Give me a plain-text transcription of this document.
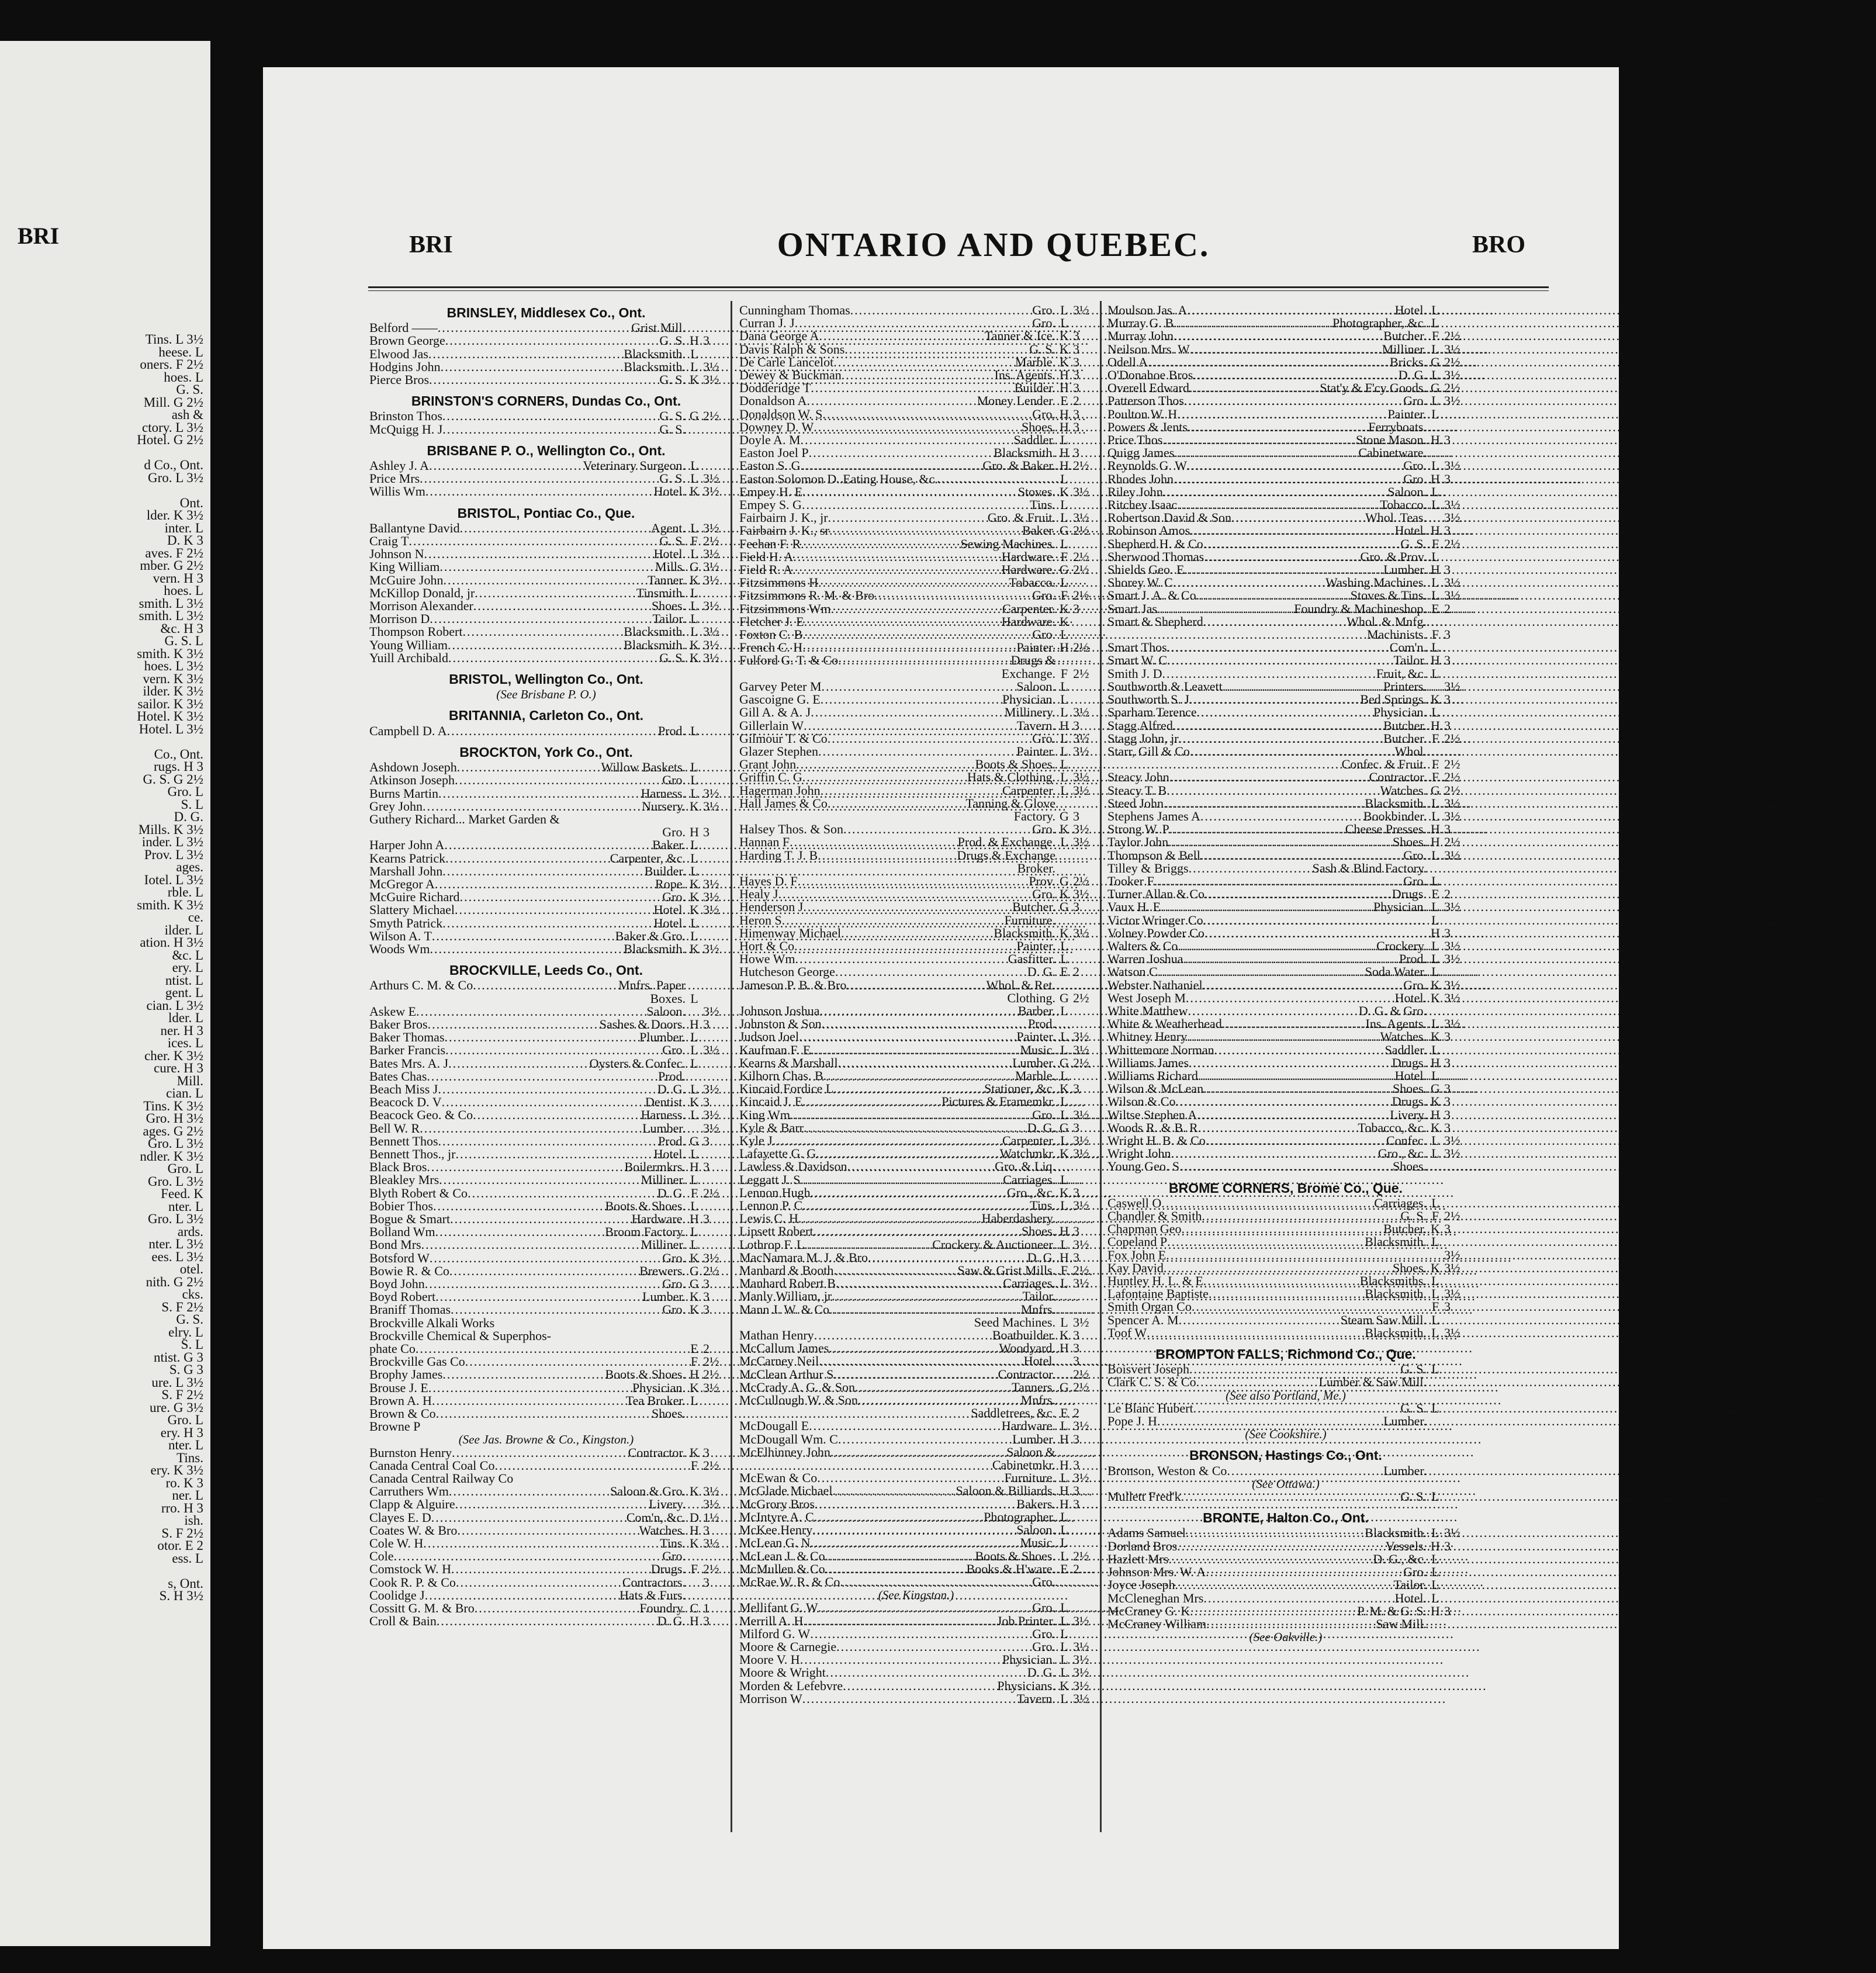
BRI
Tins. L 3½
heese. L
oners. F 2½
hoes. L
G. S.
Mill. G 2½
ash &
ctory. L 3½
Hotel. G 2½

d Co., Ont.
Gro. L 3½

Ont.
lder. K 3½
inter. L
D. K 3
aves. F 2½
mber. G 2½
vern. H 3
hoes. L
smith. L 3½
smith. L 3½
&c. H 3
G. S. L
smith. K 3½
hoes. L 3½
vern. K 3½
ilder. K 3½
sailor. K 3½
Hotel. K 3½
Hotel. L 3½

Co., Ont.
rugs. H 3
G. S. G 2½
Gro. L
S. L
D. G.
Mills. K 3½
inder. L 3½
Prov. L 3½
ages.
Iotel. L 3½
rble. L
smith. K 3½
ce.
ilder. L
ation. H 3½
&c. L
ery. L
ntist. L
gent. L
cian. L 3½
lder. L
ner. H 3
ices. L
cher. K 3½
cure. H 3
Mill.
cian. L
Tins. K 3½
Gro. H 3½
ages. G 2½
Gro. L 3½
ndler. K 3½
Gro. L
Gro. L 3½
Feed. K
nter. L
Gro. L 3½
ards.
nter. L 3½
ees. L 3½
otel.
nith. G 2½
cks.
S. F 2½
G. S.
elry. L
S. L
ntist. G 3
S. G 3
ure. L 3½
S. F 2½
ure. G 3½
Gro. L
ery. H 3
nter. L
Tins.
ery. K 3½
ro. K 3
ner. L
rro. H 3
ish.
S. F 2½
otor. E 2
ess. L

s, Ont.
S. H 3½
BRI	ONTARIO AND QUEBEC.	BRO
BRINSLEY, Middlesex Co., Ont.
Belford —— .....	Grist Mill.
Brown George .....	G. S. H 3
Elwood Jas .....	Blacksmith. L
Hodgins John .....	Blacksmith. L 3½
Pierce Bros .....	G. S. K 3½
BRINSTON'S CORNERS, Dundas Co., Ont.
Brinston Thos .....	G. S. G 2½
McQuigg H. J .....	G. S.
BRISBANE P. O., Wellington Co., Ont.
Ashley J. A .....	Veterinary Surgeon. L
Price Mrs .....	G. S. L 3½
Willis Wm .....	Hotel. K 3½
BRISTOL, Pontiac Co., Que.
Ballantyne David .....	Agent. L 3½
Craig T .....	G. S. F 2½
Johnson N .....	Hotel. L 3½
King William .....	Mills. G 3½
McGuire John .....	Tanner. K 3½
McKillop Donald, jr .....	Tinsmith. L
Morrison Alexander .....	Shoes. L 3½
Morrison D .....	Tailor. L
Thompson Robert .....	Blacksmith. L 3½
Young William .....	Blacksmith. K 3½
Yuill Archibald .....	G. S. K 3½
BRISTOL, Wellington Co., Ont.
(See Brisbane P. O.)
BRITANNIA, Carleton Co., Ont.
Campbell D. A .....	Prod. L
BROCKTON, York Co., Ont.
Ashdown Joseph .....	Willow Baskets. L
Atkinson Joseph .....	Gro. L
Burns Martin .....	Harness. L 3½
Grey John .....	Nursery. K 3½
Guthery Richard... Market Garden &
Gro. H 3
Harper John A .....	Baker. L
Kearns Patrick .....	Carpenter, &c. L
Marshall John .....	Builder. L
McGregor A .....	Rope. K 3½
McGuire Richard .....	Gro. K 3½
Slattery Michael .....	Hotel. K 3½
Smyth Patrick .....	Hotel. L
Wilson A. T .....	Baker & Gro. L
Woods Wm .....	Blacksmith. K 3½
BROCKVILLE, Leeds Co., Ont.
Arthurs C. M. & Co .....	Mnfrs. Paper
Boxes. L
Askew E .....	Saloon. 3½
Baker Bros .....	Sashes & Doors. H 3
Baker Thomas .....	Plumber. L
Barker Francis .....	Gro. L 3½
Bates Mrs. A. J .....	Oysters & Confec. L
Bates Chas .....	Prod.
Beach Miss J .....	D. G. L 3½
Beacock D. V .....	Dentist. K 3
Beacock Geo. & Co .....	Harness. L 3½
Bell W. R .....	Lumber. 3½
Bennett Thos .....	Prod. G 3
Bennett Thos., jr .....	Hotel. L
Black Bros .....	Boilermkrs. H 3
Bleakley Mrs .....	Milliner. L
Blyth Robert & Co .....	D. G. F 2½
Bobier Thos .....	Boots & Shoes. L
Bogue & Smart .....	Hardware. H 3
Bolland Wm .....	Broom Factory. L
Bond Mrs .....	Milliner. L
Botsford W .....	Gro. K 3½
Bowie R. & Co .....	Brewers. G 2½
Boyd John .....	Gro. G 3
Boyd Robert .....	Lumber. K 3
Braniff Thomas .....	Gro. K 3
Brockville Alkali Works
Brockville Chemical & Superphos-
phate Co .....	E 2
Brockville Gas Co .....	F 2½
Brophy James .....	Boots & Shoes. H 2½
Brouse J. E .....	Physician. K 3½
Brown A. H .....	Tea Broker. L
Brown & Co .....	Shoes.
Browne P
(See Jas. Browne & Co., Kingston.)
Burnston Henry .....	Contractor. K 3
Canada Central Coal Co .....	F 2½
Canada Central Railway Co
Carruthers Wm .....	Saloon & Gro. K 3½
Clapp & Alguire .....	Livery. 3½
Clayes E. D .....	Com'n, &c. D 1½
Coates W. & Bro .....	Watches. H 3
Cole W. H .....	Tins. K 3½
Cole .....	Gro.
Comstock W. H .....	Drugs. F 2½
Cook R. P. & Co .....	Contractors. 3
Coolidge J .....	Hats & Furs.
Cossitt G. M. & Bro .....	Foundry. C 1
Croll & Bain .....	D. G. H 3
Cunningham Thomas .....	Gro. L 3½
Curran J. J .....	Gro. L
Dana George A .....	Tanner & Ice. K 3
Davis Ralph & Sons .....	G. S. K 3
De Carle Lancelot .....	Marble. K 3
Dewey & Buckman .....	Ins. Agents. H 3
Dodderidge T .....	Builder. H 3
Donaldson A .....	Money Lender. E 2
Donaldson W. S .....	Gro. H 3
Downey D. W .....	Shoes. H 3
Doyle A. M .....	Saddler. L
Easton Joel P .....	Blacksmith. H 3
Easton S. G .....	Gro. & Baker. H 2½
Easton Solomon D..Eating House, &c. .....	L
Empey H. E .....	Stoves. K 3½
Empey S. G .....	Tins. L
Fairbairn J. K., jr .....	Gro. & Fruit. L 3½
Fairbairn J. K., sr .....	Baker. G 2½
Feehan F. R .....	Sewing Machines. L
Field H. A .....	Hardware. F 2½
Field R. A .....	Hardware. G 2½
Fitzsimmons H .....	Tobacco. L
Fitzsimmons R. M. & Bro .....	Gro. F 2½
Fitzsimmons Wm .....	Carpenter. K 3
Fletcher J. E .....	Hardware. K
Foxton C. B .....	Gro. L
French C. H .....	Painter. H 2½
Fulford G. T. & Co .....	Drugs &
Exchange. F 2½
Garvey Peter M .....	Saloon. L
Gascoigne G. E .....	Physician. L
Gill A. & A. J .....	Millinery. L 3½
Gillerlain W .....	Tavern. H 3
Gilmour T. & Co .....	Gro. L 3½
Glazer Stephen .....	Painter. L 3½
Grant John .....	Boots & Shoes. L
Griffin C. G .....	Hats & Clothing. L 3½
Hagerman John .....	Carpenter. L 3½
Hall James & Co .....	Tanning & Glove
Factory. G 3
Halsey Thos. & Son .....	Gro. K 3½
Hannan F .....	Prod. & Exchange. L 3½
Harding T. J. B .....	Drugs & Exchange
Broker.
Hayes D. F .....	Prov. G 2½
Healy J .....	Gro. K 3½
Henderson J .....	Butcher. G 3
Heron S .....	Furniture.
Himenway Michael .....	Blacksmith. K 3½
Hort & Co .....	Painter. L
Howe Wm .....	Gasfitter. L
Hutcheson George .....	D. G. E 2
Jameson P. B. & Bro .....	Whol. & Ret.
Clothing. G 2½
Johnson Joshua .....	Barber. L
Johnston & Son .....	Prod.
Judson Joel .....	Painter. L 3½
Kaufman F. E .....	Music. L 3½
Kearns & Marshall .....	Lumber. G 2½
Kilborn Chas. B .....	Marble. L
Kincaid Fordice L .....	Stationer, &c. K 3
Kincaid J. E .....	Pictures & Framemkr. L
King Wm .....	Gro. L 3½
Kyle & Barr .....	D. G. G 3
Kyle J .....	Carpenter. L 3½
Lafayette G. G .....	Watchmkr. K 3½
Lawless & Davidson .....	Gro. & Liq.
Leggatt J. S .....	Carriages. L
Lennon Hugh .....	Gro., &c. K 3
Lennon P. C .....	Tins. L 3½
Lewis C. H .....	Haberdashery.
Lipsett Robert .....	Shoes. H 3
Lothrop F. L .....	Crockery & Auctioneer. L 3½
MacNamara M. J. & Bro .....	D. G. H 3
Manhard & Booth .....	Saw & Grist Mills. F 2½
Manhard Robert B .....	Carriages. L 3½
Manly William, jr .....	Tailor.
Mann J. W. & Co .....	Mnfrs.
Seed Machines. L 3½
Mathan Henry .....	Boatbuilder. K 3
McCallum James .....	Woodyard. H 3
McCarney Neil .....	Hotel. 3
McClean Arthur S .....	Contractor. 2½
McCrady A. G. & Son .....	Tanners. G 2½
McCullough W. & Son .....	Mnfrs.
Saddletrees, &c. E 2
McDougall E .....	Hardware. L 3½
McDougall Wm. C .....	Lumber. H 3
McElhinney John .....	Saloon &
Cabinetmkr. H 3
McEwan & Co .....	Furniture. L 3½
McGlade Michael .....	Saloon & Billiards. H 3
McGrory Bros .....	Bakers. H 3
McIntyre A. C .....	Photographer. L
McKee Henry .....	Saloon. L
McLean G. N .....	Music. L
McLean J. & Co .....	Boots & Shoes. L 2½
McMullen & Co .....	Books & H'ware. E 2
McRae W. R. & Co .....	Gro.
(See Kingston.)
Mellifant G. W .....	Gro. L
Merrill A. H .....	Job Printer. L 3½
Milford G. W .....	Gro. L
Moore & Carnegie .....	Gro. L 3½
Moore V. H .....	Physician. L 3½
Moore & Wright .....	D. G. L 3½
Morden & Lefebvre .....	Physicians. K 3½
Morrison W .....	Tavern. L 3½
Moulson Jas. A .....	Hotel. L
Murray G. B .....	Photographer, &c. L
Murray John .....	Butcher. F 2½
Neilson Mrs. W .....	Milliner. L 3½
Odell A .....	Bricks. G 2½
O'Donahoe Bros .....	D. G. L 3½
Overell Edward .....	Stat'y & F'cy Goods. G 2½
Patterson Thos .....	Gro. L 3½
Poulton W. H .....	Painter. L
Powers & Jents .....	Ferryboats.
Price Thos .....	Stone Mason. H 3
Quigg James .....	Cabinetware.
Reynolds G. W .....	Gro. L 3½
Rhodes John .....	Gro. H 3
Riley John .....	Saloon. L
Ritchey Isaac .....	Tobacco. L 3½
Robertson David & Son .....	Whol. Teas. 3½
Robinson Amos .....	Hotel. H 3
Shepherd H. & Co .....	G. S. F 2½
Sherwood Thomas .....	Gro. & Prov. L
Shields Geo. E .....	Lumber. H 3
Shorey W. C .....	Washing Machines. L 3½
Smart J. A. & Co .....	Stoves & Tins. L 3½
Smart Jas .....	Foundry & Machineshop. E 2
Smart & Shepherd .....	Whol. & Mnfg.
Machinists. F 3
Smart Thos .....	Com'n. L
Smart W. C .....	Tailor. H 3
Smith J. D .....	Fruit, &c. L
Southworth & Leavett .....	Printers. 3½
Southworth S. J .....	Bed Springs. K 3
Sparham Terence .....	Physician. L
Stagg Alfred .....	Butcher. H 3
Stagg John, jr .....	Butcher. F 2½
Starr, Gill & Co .....	Whol.
Confec. & Fruit. F 2½
Steacy John .....	Contractor. F 2½
Steacy T. B .....	Watches. G 2½
Steed John .....	Blacksmith. L 3½
Stephens James A .....	Bookbinder. L 3½
Strong W. P .....	Cheese Presses. H 3
Taylor John .....	Shoes. H 2½
Thompson & Bell .....	Gro. L 3½
Tilley & Briggs .....	Sash & Blind Factory.
Tooker F .....	Gro. L
Turner Allan & Co .....	Drugs. E 2
Vaux H. E .....	Physician. L 3½
Victor Wringer Co .....	L
Volney Powder Co .....	H 3
Walters & Co .....	Crockery. L 3½
Warren Joshua .....	Prod. L 3½
Watson C .....	Soda Water. L
Webster Nathaniel .....	Gro. K 3½
West Joseph M .....	Hotel. K 3½
White Matthew .....	D. G. & Gro.
White & Weatherhead .....	Ins. Agents. L 3½
Whitney Henry .....	Watches. K 3
Whittemore Norman .....	Saddler. L
Williams James .....	Drugs. H 3
Williams Richard .....	Hotel. L
Wilson & McLean .....	Shoes. G 3
Wilson & Co .....	Drugs. K 3
Wiltse Stephen A .....	Livery. H 3
Woods R. & B. R .....	Tobacco, &c. K 3
Wright H. B. & Co .....	Confec. L 3½
Wright John .....	Gro., &c. L 3½
Young Geo. S .....	Shoes.
BROME CORNERS, Brome Co., Que.
Caswell O .....	Carriages. L
Chandler & Smith .....	G. S. F 2½
Chapman Geo .....	Butcher. K 3
Copeland P .....	Blacksmith. L
Fox John E .....	3½
Kay David .....	Shoes. K 3½
Huntley H. L. & E .....	Blacksmiths. L
Lafontaine Baptiste .....	Blacksmith. L 3½
Smith Organ Co .....	F 3
Spencer A. M .....	Steam Saw Mill. L
Toof W .....	Blacksmith. L 3½
BROMPTON FALLS, Richmond Co., Que.
Boisvert Joseph .....	G. S. L
Clark C. S. & Co .....	Lumber & Saw Mill.
(See also Portland, Me.)
Le Blanc Hubert .....	G. S. L
Pope J. H .....	Lumber.
(See Cookshire.)
BRONSON, Hastings Co., Ont.
Bronson, Weston & Co .....	Lumber.
(See Ottawa.)
Mullett Fred'k .....	G. S. L
BRONTE, Halton Co., Ont.
Adams Samuel .....	Blacksmith. L 3½
Dorland Bros .....	Vessels. H 3
Hazlett Mrs .....	D. G., &c. L
Johnson Mrs. W. A .....	Gro. L
Joyce Joseph .....	Tailor. L
McCleneghan Mrs .....	Hotel. L
McCraney G. K .....	P. M. & G. S. H 3
McCraney William .....	Saw Mill.
(See Oakville.)
